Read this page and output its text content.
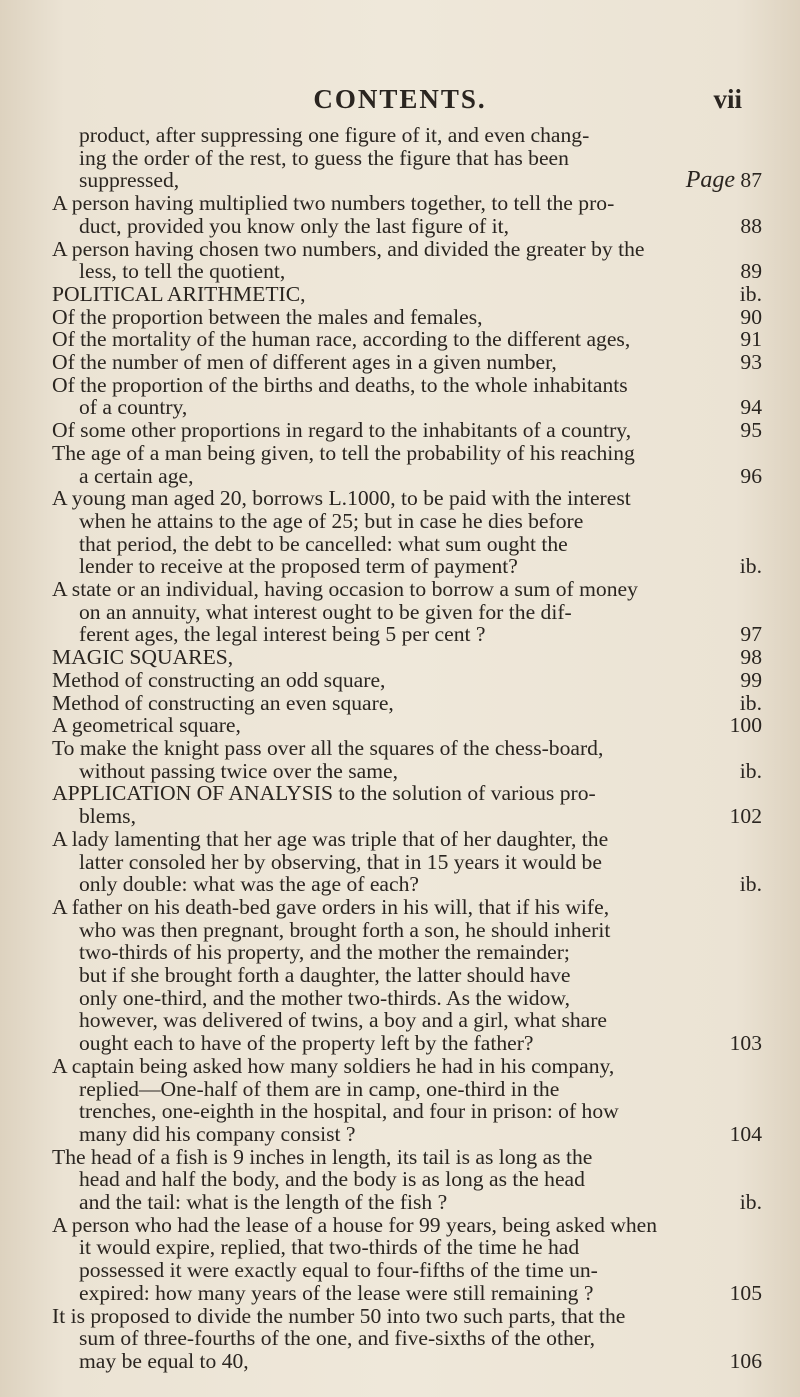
CONTENTS.	vii
product, after suppressing one figure of it, and even chang-
ing the order of the rest, to guess the figure that has been
suppressed,	Page 87
A person having multiplied two numbers together, to tell the pro-
duct, provided you know only the last figure of it,	88
A person having chosen two numbers, and divided the greater by the
less, to tell the quotient,	89
POLITICAL ARITHMETIC,	ib.
Of the proportion between the males and females,	90
Of the mortality of the human race, according to the different ages,	91
Of the number of men of different ages in a given number,	93
Of the proportion of the births and deaths, to the whole inhabitants
of a country,	94
Of some other proportions in regard to the inhabitants of a country,	95
The age of a man being given, to tell the probability of his reaching
a certain age,	96
A young man aged 20, borrows L.1000, to be paid with the interest
when he attains to the age of 25; but in case he dies before
that period, the debt to be cancelled: what sum ought the
lender to receive at the proposed term of payment?	ib.
A state or an individual, having occasion to borrow a sum of money
on an annuity, what interest ought to be given for the dif-
ferent ages, the legal interest being 5 per cent ?	97
MAGIC SQUARES,	98
Method of constructing an odd square,	99
Method of constructing an even square,	ib.
A geometrical square,	100
To make the knight pass over all the squares of the chess-board,
without passing twice over the same,	ib.
APPLICATION OF ANALYSIS to the solution of various pro-
blems,	102
A lady lamenting that her age was triple that of her daughter, the
latter consoled her by observing, that in 15 years it would be
only double: what was the age of each?	ib.
A father on his death-bed gave orders in his will, that if his wife,
who was then pregnant, brought forth a son, he should inherit
two-thirds of his property, and the mother the remainder;
but if she brought forth a daughter, the latter should have
only one-third, and the mother two-thirds. As the widow,
however, was delivered of twins, a boy and a girl, what share
ought each to have of the property left by the father?	103
A captain being asked how many soldiers he had in his company,
replied—One-half of them are in camp, one-third in the
trenches, one-eighth in the hospital, and four in prison: of how
many did his company consist ?	104
The head of a fish is 9 inches in length, its tail is as long as the
head and half the body, and the body is as long as the head
and the tail: what is the length of the fish ?	ib.
A person who had the lease of a house for 99 years, being asked when
it would expire, replied, that two-thirds of the time he had
possessed it were exactly equal to four-fifths of the time un-
expired: how many years of the lease were still remaining ?	105
It is proposed to divide the number 50 into two such parts, that the
sum of three-fourths of the one, and five-sixths of the other,
may be equal to 40,	106
